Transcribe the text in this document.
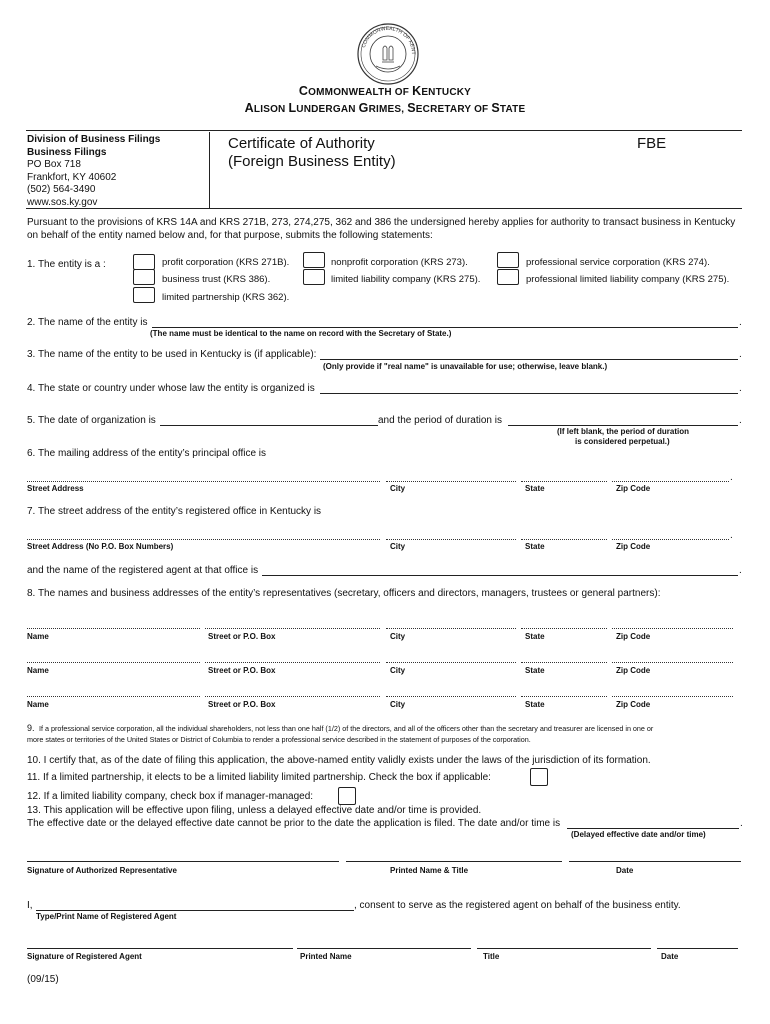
COMMONWEALTH OF KENT
COMMONWEALTH OF KENTUCKY
ALISON LUNDERGAN GRIMES, SECRETARY OF STATE
Division of Business Filings
Business Filings
PO Box 718
Frankfort, KY 40602
(502) 564-3490
www.sos.ky.gov
Certificate of Authority
(Foreign Business Entity)
FBE
Pursuant to the provisions of KRS 14A and KRS 271B, 273, 274,275, 362 and 386 the undersigned hereby applies for authority to transact business in Kentucky on behalf of the entity named below and, for that purpose, submits the following statements:
1. The entity is a :	profit corporation (KRS 271B).	nonprofit corporation (KRS 273).	professional service corporation (KRS 274).
business trust (KRS 386).	limited liability company (KRS 275).	professional limited liability company (KRS 275).
limited partnership (KRS 362).
2. The name of the entity is	.
(The name must be identical to the name on record with the Secretary of State.)
3. The name of the entity to be used in Kentucky is (if applicable):	.
(Only provide if "real name" is unavailable for use; otherwise, leave blank.)
4. The state or country under whose law the entity is organized is	.
5. The date of organization is	and the period of duration is	.
(If left blank, the period of duration
is considered perpetual.)
6. The mailing address of the entity’s principal office is
.
Street Address	City	State	Zip Code
7. The street address of the entity’s registered office in Kentucky is
.
Street Address (No P.O. Box Numbers)	City	State	Zip Code
and the name of the registered agent at that office is	.
8. The names and business addresses of the entity’s representatives (secretary, officers and directors, managers, trustees or general partners):
Name	Street or P.O. Box	City	State	Zip Code
Name	Street or P.O. Box	City	State	Zip Code
Name	Street or P.O. Box	City	State	Zip Code
9. If a professional service corporation, all the individual shareholders, not less than one half (1/2) of the directors, and all of the officers other than the secretary and treasurer are licensed in one or
more states or territories of the United States or District of Columbia to render a professional service described in the statement of purposes of the corporation.
10. I certify that, as of the date of filing this application, the above-named entity validly exists under the laws of the jurisdiction of its formation.
11. If a limited partnership, it elects to be a limited liability limited partnership. Check the box if applicable:
12. If a limited liability company, check box if manager-managed:
13. This application will be effective upon filing, unless a delayed effective date and/or time is provided.
The effective date or the delayed effective date cannot be prior to the date the application is filed. The date and/or time is	.
(Delayed effective date and/or time)
Signature of Authorized Representative	Printed Name & Title	Date
I,	, consent to serve as the registered agent on behalf of the business entity.
Type/Print Name of Registered Agent
Signature of Registered Agent	Printed Name	Title	Date
(09/15)
